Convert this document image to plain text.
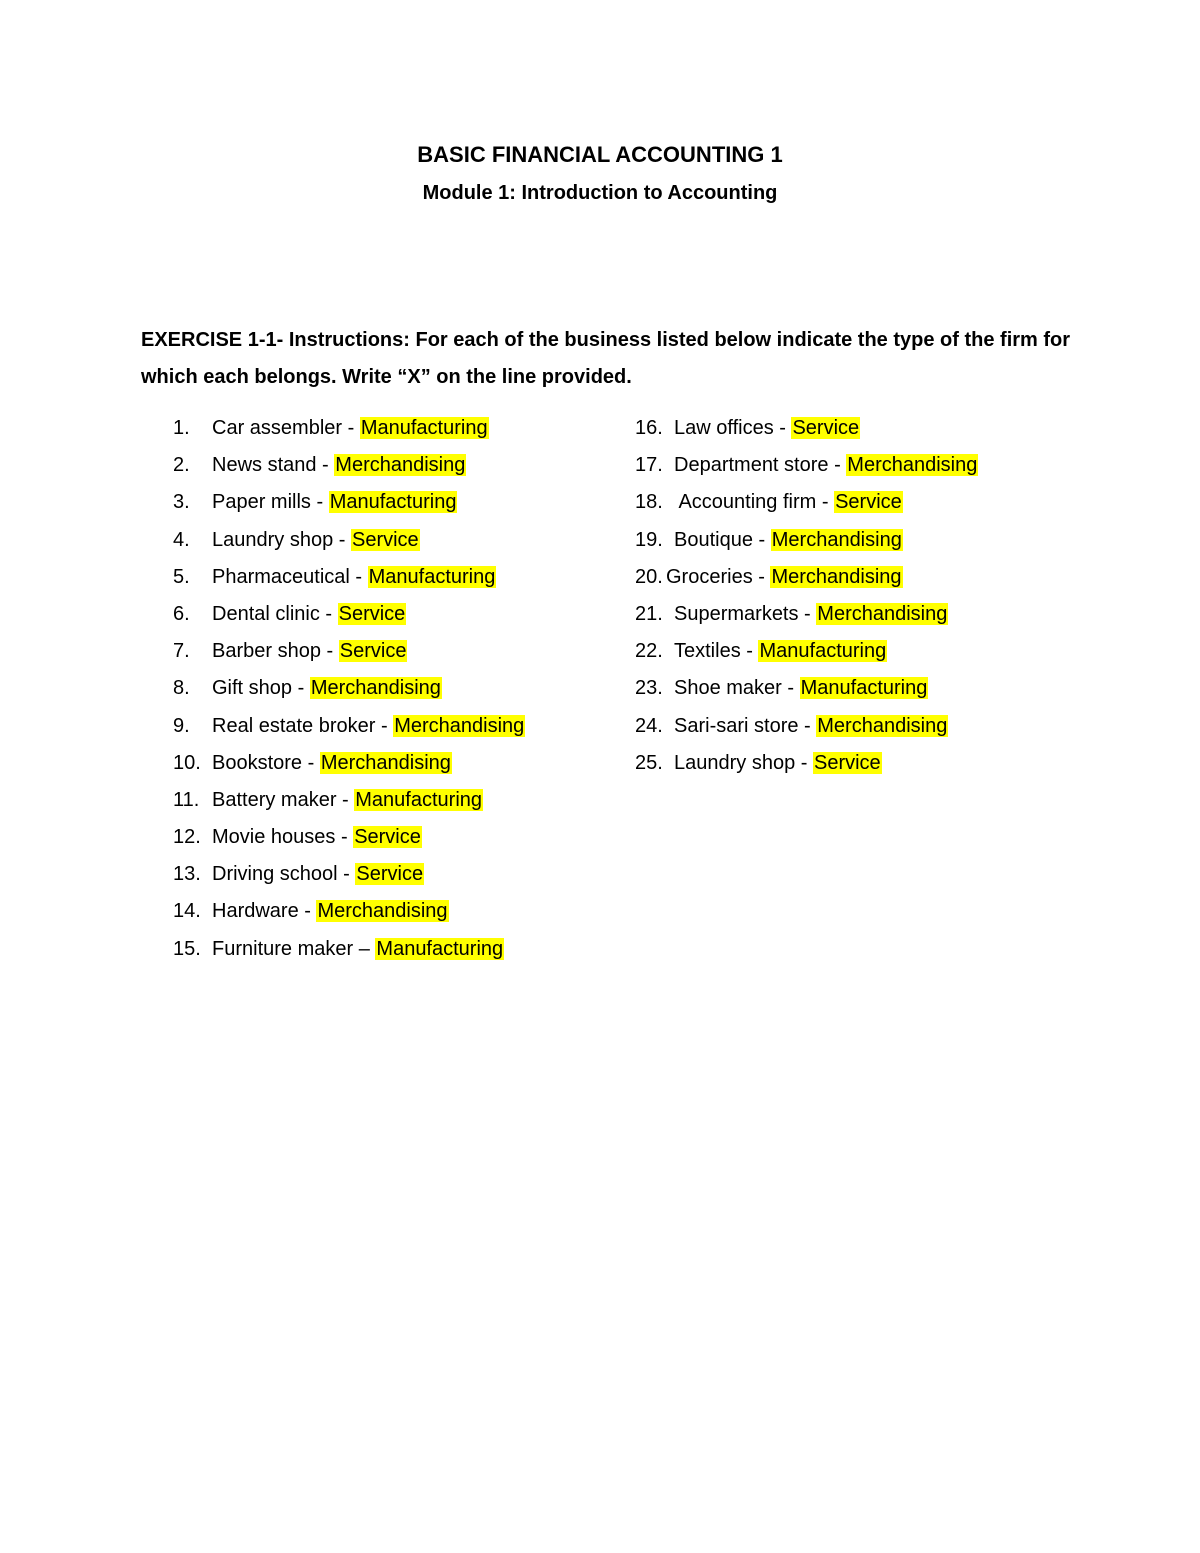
BASIC FINANCIAL ACCOUNTING 1
Module 1: Introduction to Accounting
EXERCISE 1-1- Instructions: For each of the business listed below indicate the type of the firm for which each belongs. Write “X” on the line provided.
1. Car assembler - Manufacturing
2. News stand - Merchandising
3. Paper mills - Manufacturing
4. Laundry shop - Service
5. Pharmaceutical - Manufacturing
6. Dental clinic - Service
7. Barber shop - Service
8. Gift shop - Merchandising
9. Real estate broker - Merchandising
10. Bookstore - Merchandising
11. Battery maker - Manufacturing
12. Movie houses - Service
13. Driving school - Service
14. Hardware - Merchandising
15. Furniture maker – Manufacturing
16. Law offices - Service
17. Department store - Merchandising
18. Accounting firm - Service
19. Boutique - Merchandising
20. Groceries - Merchandising
21. Supermarkets - Merchandising
22. Textiles - Manufacturing
23. Shoe maker - Manufacturing
24. Sari-sari store - Merchandising
25. Laundry shop - Service
